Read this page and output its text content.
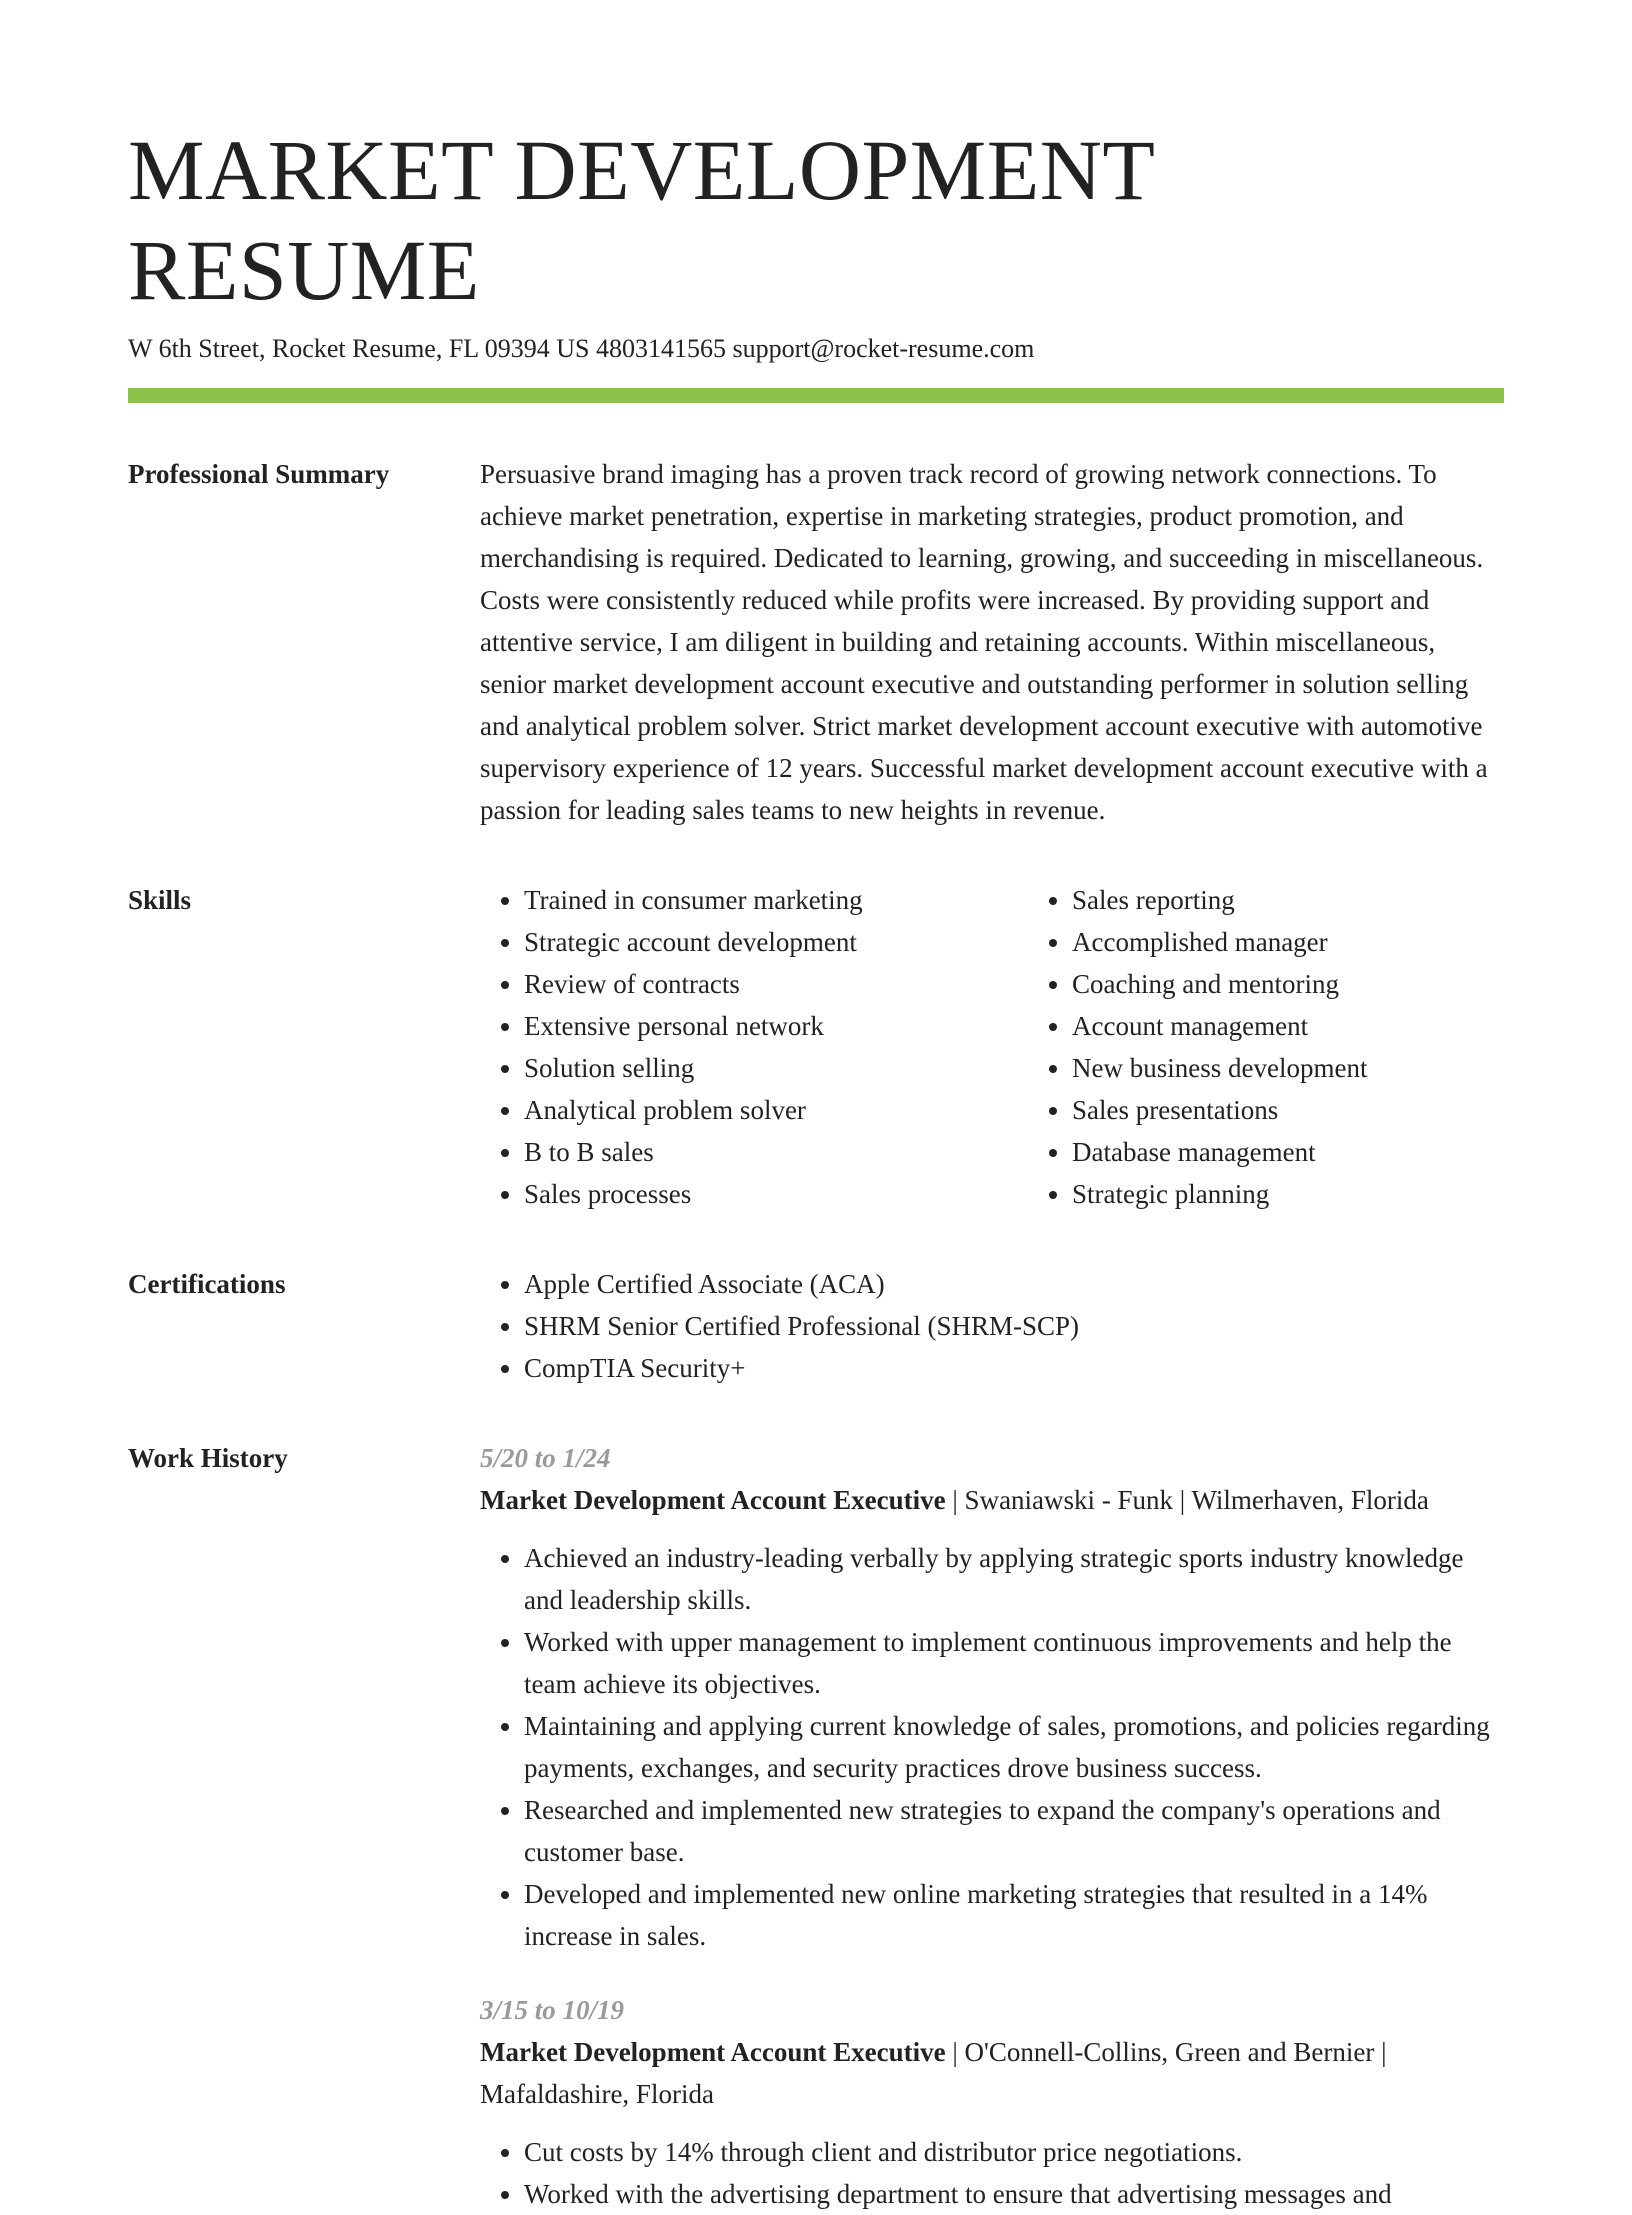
MARKET DEVELOPMENT RESUME
W 6th Street, Rocket Resume, FL 09394 US 4803141565 support@rocket-resume.com
Professional Summary	Persuasive brand imaging has a proven track record of growing network connections. To achieve market penetration, expertise in marketing strategies, product promotion, and merchandising is required. Dedicated to learning, growing, and succeeding in miscellaneous. Costs were consistently reduced while profits were increased. By providing support and attentive service, I am diligent in building and retaining accounts. Within miscellaneous, senior market development account executive and outstanding performer in solution selling and analytical problem solver. Strict market development account executive with automotive supervisory experience of 12 years. Successful market development account executive with a passion for leading sales teams to new heights in revenue.

Skills	• Trained in consumer marketing
• Strategic account development
• Review of contracts
• Extensive personal network
• Solution selling
• Analytical problem solver
• B to B sales
• Sales processes
• Sales reporting
• Accomplished manager
• Coaching and mentoring
• Account management
• New business development
• Sales presentations
• Database management
• Strategic planning
Certifications	• Apple Certified Associate (ACA)
• SHRM Senior Certified Professional (SHRM-SCP)
• CompTIA Security+
Work History	5/20 to 1/24
Market Development Account Executive | Swaniawski - Funk | Wilmerhaven, Florida
• Achieved an industry-leading verbally by applying strategic sports industry knowledge and leadership skills.
• Worked with upper management to implement continuous improvements and help the team achieve its objectives.
• Maintaining and applying current knowledge of sales, promotions, and policies regarding payments, exchanges, and security practices drove business success.
• Researched and implemented new strategies to expand the company's operations and customer base.
• Developed and implemented new online marketing strategies that resulted in a 14% increase in sales.
3/15 to 10/19
Market Development Account Executive | O'Connell-Collins, Green and Bernier | Mafaldashire, Florida
• Cut costs by 14% through client and distributor price negotiations.
• Worked with the advertising department to ensure that advertising messages and
